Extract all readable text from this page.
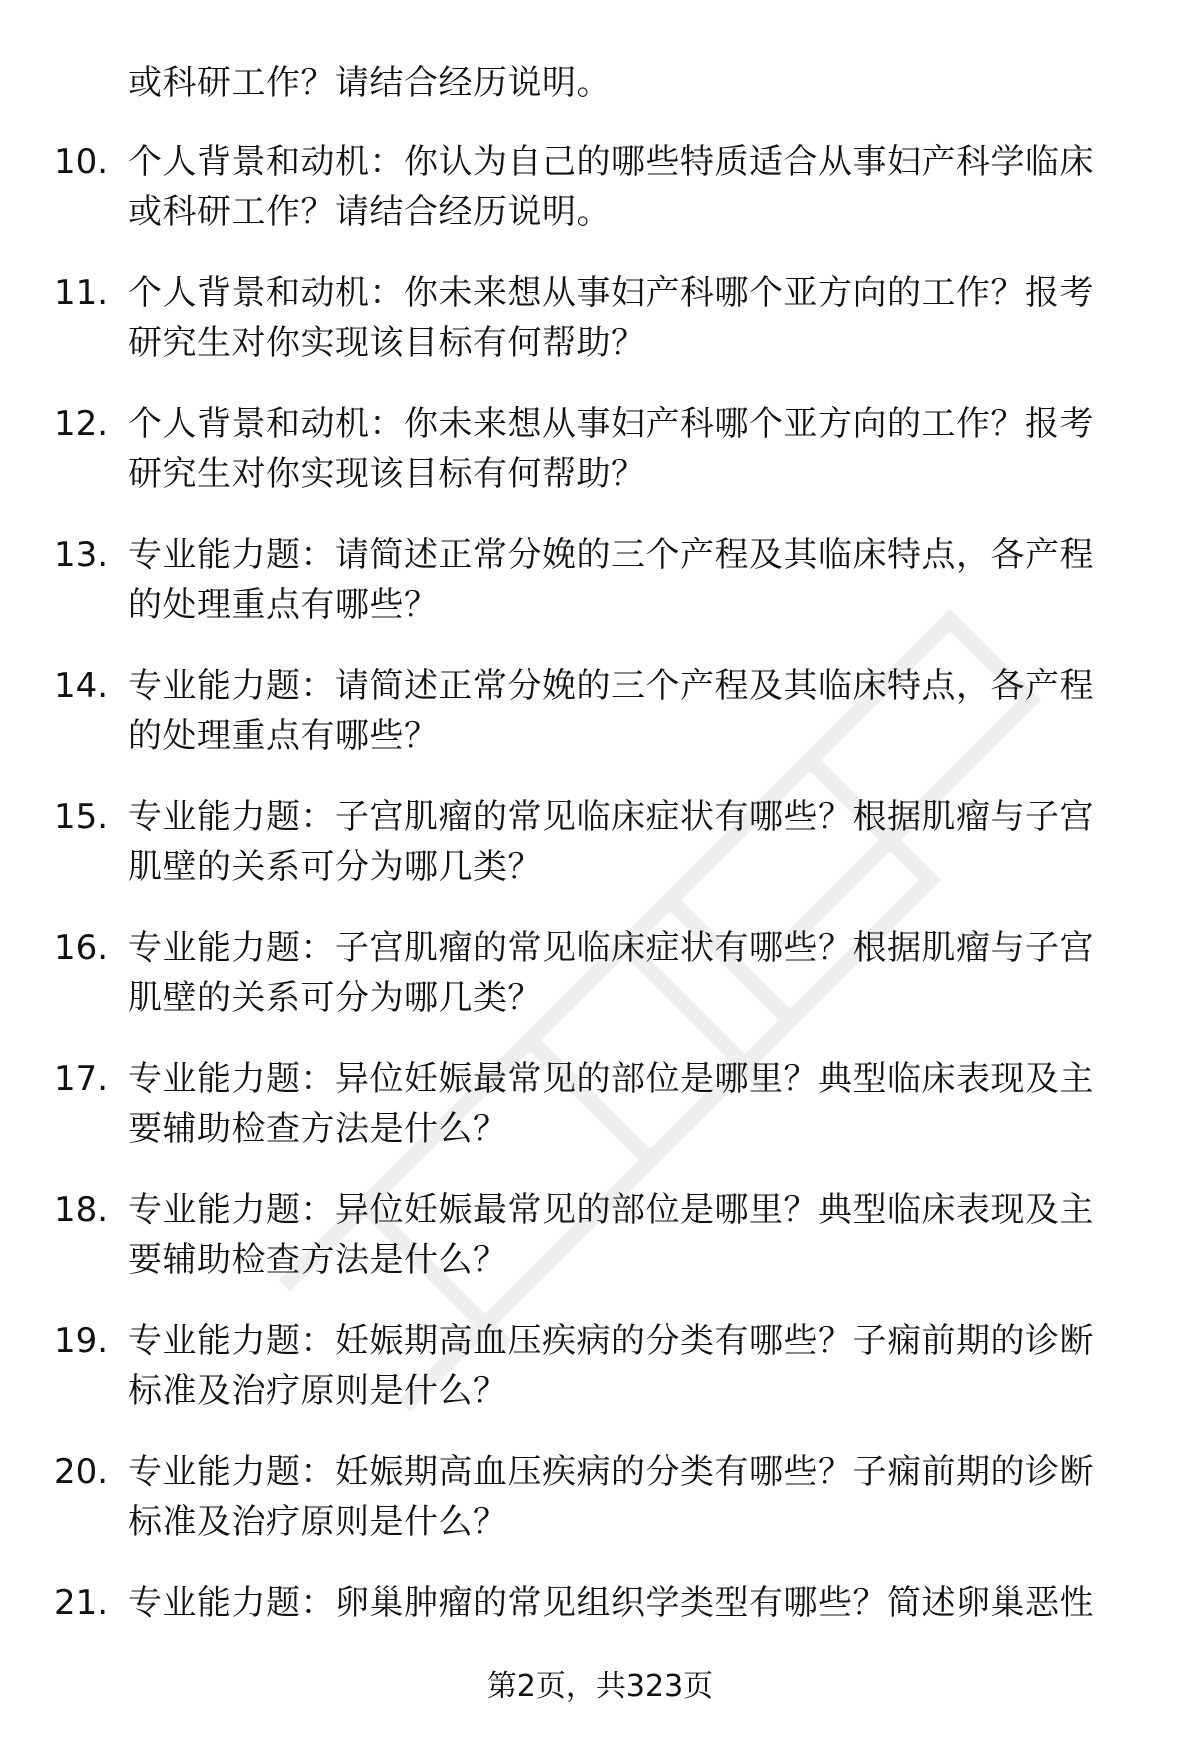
或科研工作？请结合经历说明。
10. 个人背景和动机：你认为自己的哪些特质适合从事妇产科学临床
或科研工作？请结合经历说明。
11. 个人背景和动机：你未来想从事妇产科哪个亚方向的工作？报考
研究生对你实现该目标有何帮助？
12. 个人背景和动机：你未来想从事妇产科哪个亚方向的工作？报考
研究生对你实现该目标有何帮助？
13. 专业能力题：请简述正常分娩的三个产程及其临床特点，各产程
的处理重点有哪些？
14. 专业能力题：请简述正常分娩的三个产程及其临床特点，各产程
的处理重点有哪些？
15. 专业能力题：子宫肌瘤的常见临床症状有哪些？根据肌瘤与子宫
肌壁的关系可分为哪几类？
16. 专业能力题：子宫肌瘤的常见临床症状有哪些？根据肌瘤与子宫
肌壁的关系可分为哪几类？
17. 专业能力题：异位妊娠最常见的部位是哪里？典型临床表现及主
要辅助检查方法是什么？
18. 专业能力题：异位妊娠最常见的部位是哪里？典型临床表现及主
要辅助检查方法是什么？
19. 专业能力题：妊娠期高血压疾病的分类有哪些？子痫前期的诊断
标准及治疗原则是什么？
20. 专业能力题：妊娠期高血压疾病的分类有哪些？子痫前期的诊断
标准及治疗原则是什么？
21. 专业能力题：卵巢肿瘤的常见组织学类型有哪些？简述卵巢恶性
第2页，共323页
